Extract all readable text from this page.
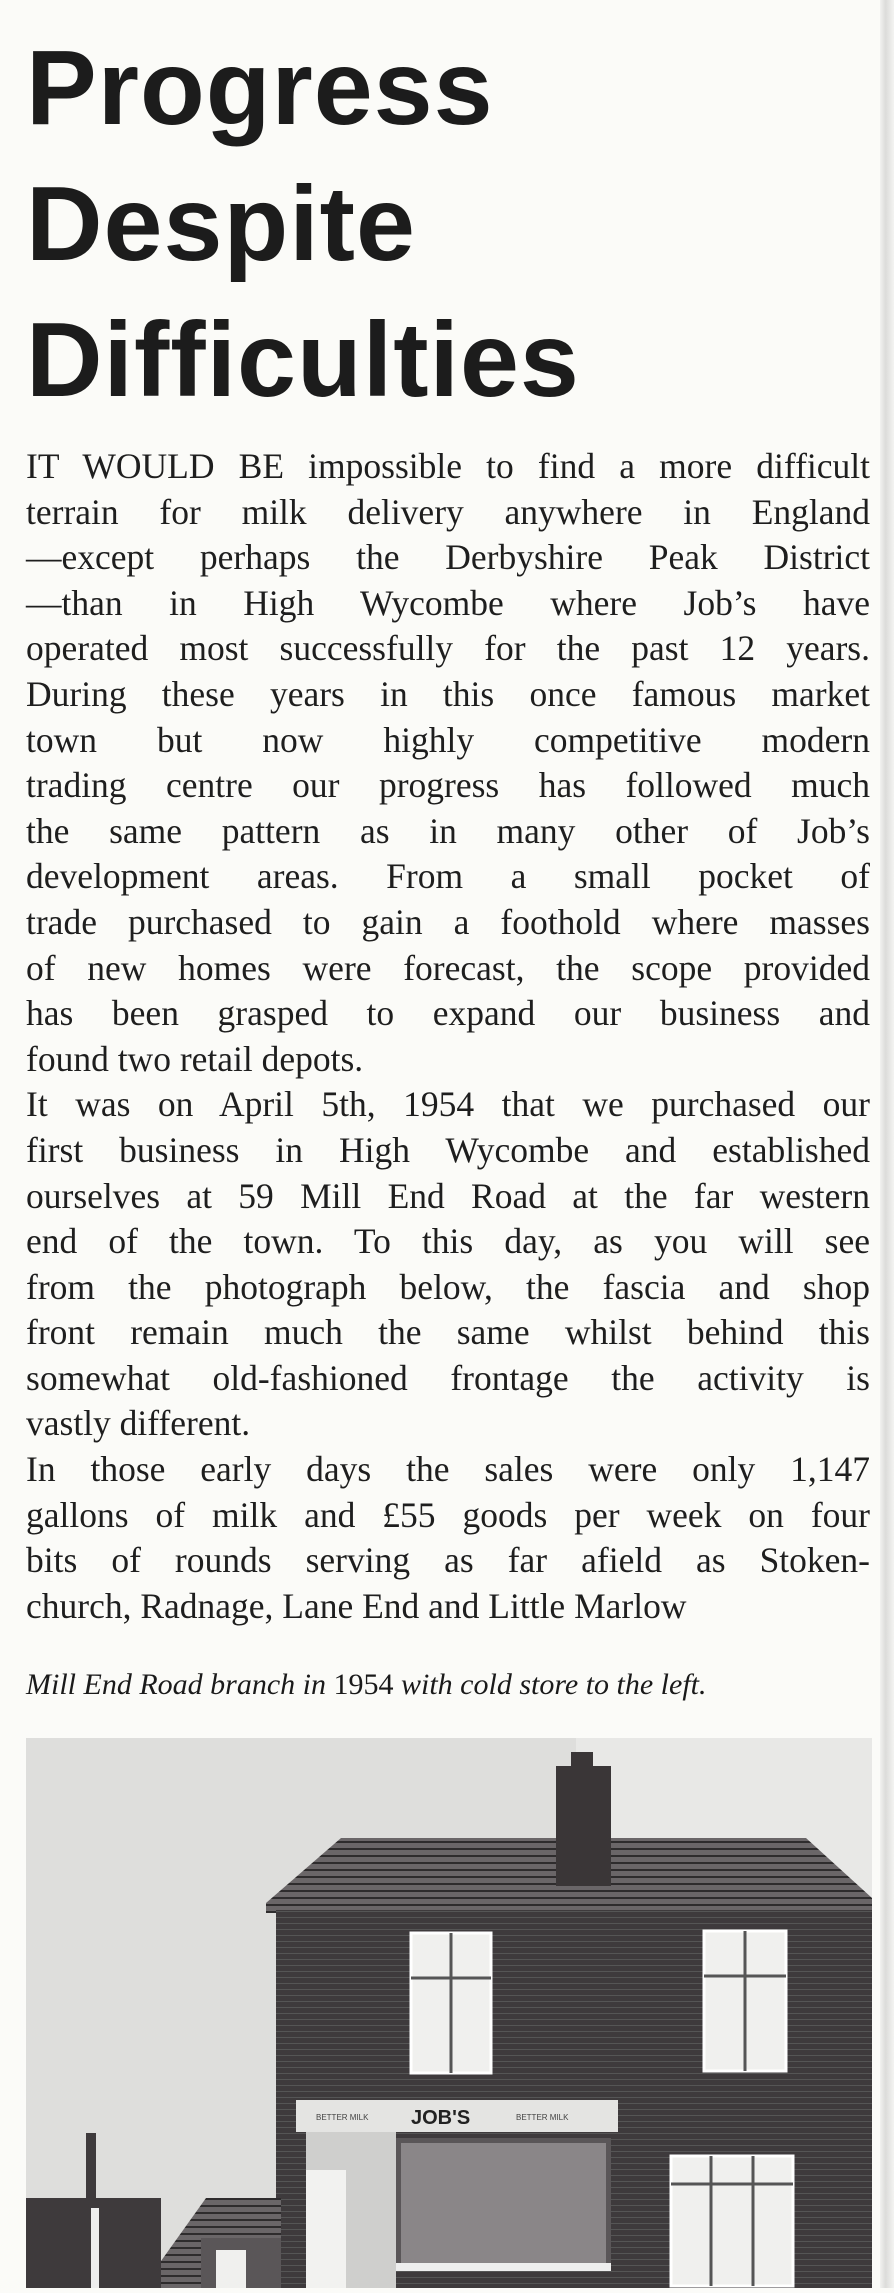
Progress
Despite
Difficulties

IT WOULD BE impossible to find a more difficult
terrain for milk delivery anywhere in England
—except perhaps the Derbyshire Peak District
—than in High Wycombe where Job’s have
operated most successfully for the past 12 years.
During these years in this once famous market
town but now highly competitive modern
trading centre our progress has followed much
the same pattern as in many other of Job’s
development areas. From a small pocket of
trade purchased to gain a foothold where masses
of new homes were forecast, the scope provided
has been grasped to expand our business and
found two retail depots.

It was on April 5th, 1954 that we purchased our
first business in High Wycombe and established
ourselves at 59 Mill End Road at the far western
end of the town. To this day, as you will see
from the photograph below, the fascia and shop
front remain much the same whilst behind this
somewhat old-fashioned frontage the activity is
vastly different.

In those early days the sales were only 1,147
gallons of milk and £55 goods per week on four
bits of rounds serving as far afield as Stoken-
church, Radnage, Lane End and Little Marlow

Mill End Road branch in 1954 with cold store to the left.
JOB'S
BETTER MILK	BETTER MILK
